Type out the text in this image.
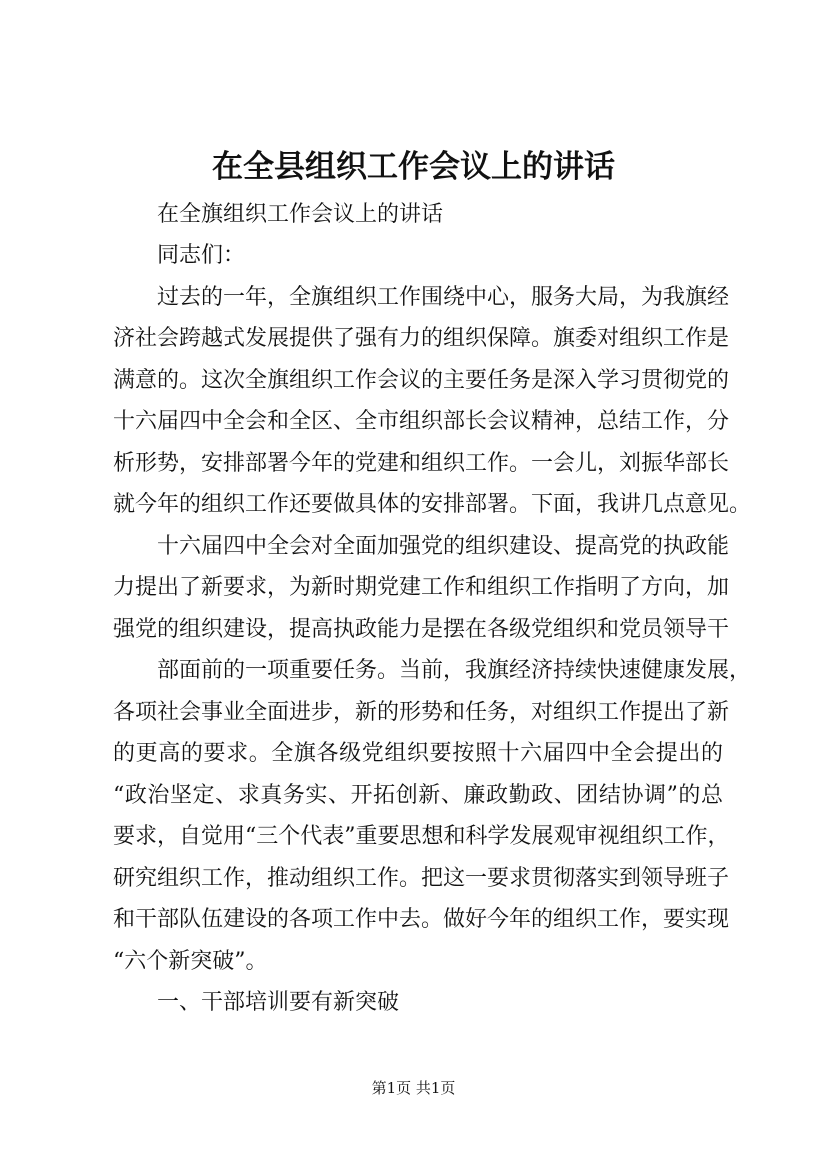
在全县组织工作会议上的讲话
在全旗组织工作会议上的讲话
同志们：
过去的一年，全旗组织工作围绕中心，服务大局，为我旗经
济社会跨越式发展提供了强有力的组织保障。旗委对组织工作是
满意的。这次全旗组织工作会议的主要任务是深入学习贯彻党的
十六届四中全会和全区、全市组织部长会议精神，总结工作，分
析形势，安排部署今年的党建和组织工作。一会儿，刘振华部长
就今年的组织工作还要做具体的安排部署。下面，我讲几点意见。
十六届四中全会对全面加强党的组织建设、提高党的执政能
力提出了新要求，为新时期党建工作和组织工作指明了方向，加
强党的组织建设，提高执政能力是摆在各级党组织和党员领导干
部面前的一项重要任务。当前，我旗经济持续快速健康发展，
各项社会事业全面进步，新的形势和任务，对组织工作提出了新
的更高的要求。全旗各级党组织要按照十六届四中全会提出的
“政治坚定、求真务实、开拓创新、廉政勤政、团结协调”的总
要求，自觉用“三个代表”重要思想和科学发展观审视组织工作，
研究组织工作，推动组织工作。把这一要求贯彻落实到领导班子
和干部队伍建设的各项工作中去。做好今年的组织工作，要实现
“六个新突破”。
一、干部培训要有新突破
第1页 共1页
